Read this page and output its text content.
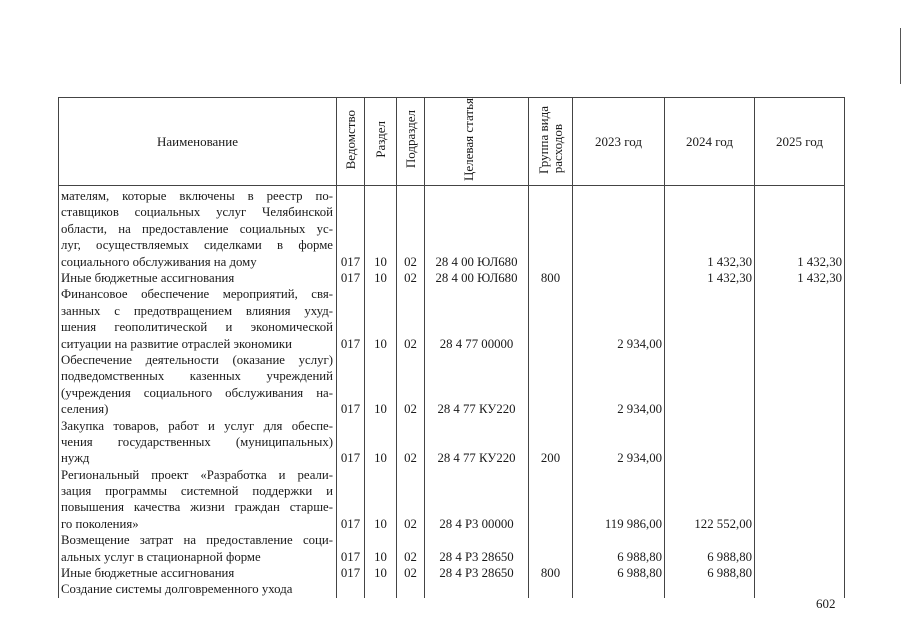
Наименование	Ведомство	Раздел	Подраздел	Целевая статья	Группа вида расходов	2023 год	2024 год	2025 год

мателям, которые включены в реестр по-
ставщиков социальных услуг Челябинской
области, на предоставление социальных ус-
луг, осуществляемых сиделками в форме
социального обслуживания на дому	017	10	02	28 4 00 ЮЛ680			1 432,30	1 432,30

Иные бюджетные ассигнования	017	10	02	28 4 00 ЮЛ680	800		1 432,30	1 432,30

Финансовое обеспечение мероприятий, свя-
занных с предотвращением влияния ухуд-
шения геополитической и экономической
ситуации на развитие отраслей экономики	017	10	02	28 4 77 00000		2 934,00		

Обеспечение деятельности (оказание услуг)
подведомственных казенных учреждений
(учреждения социального обслуживания на-
селения)	017	10	02	28 4 77 КУ220		2 934,00		

Закупка товаров, работ и услуг для обеспе-
чения государственных (муниципальных)
нужд	017	10	02	28 4 77 КУ220	200	2 934,00		

Региональный проект «Разработка и реали-
зация программы системной поддержки и
повышения качества жизни граждан старше-
го поколения»	017	10	02	28 4 Р3 00000		119 986,00	122 552,00	

Возмещение затрат на предоставление соци-
альных услуг в стационарной форме	017	10	02	28 4 Р3 28650		6 988,80	6 988,80	

Иные бюджетные ассигнования	017	10	02	28 4 Р3 28650	800	6 988,80	6 988,80	

Создание системы долговременного ухода								

602
